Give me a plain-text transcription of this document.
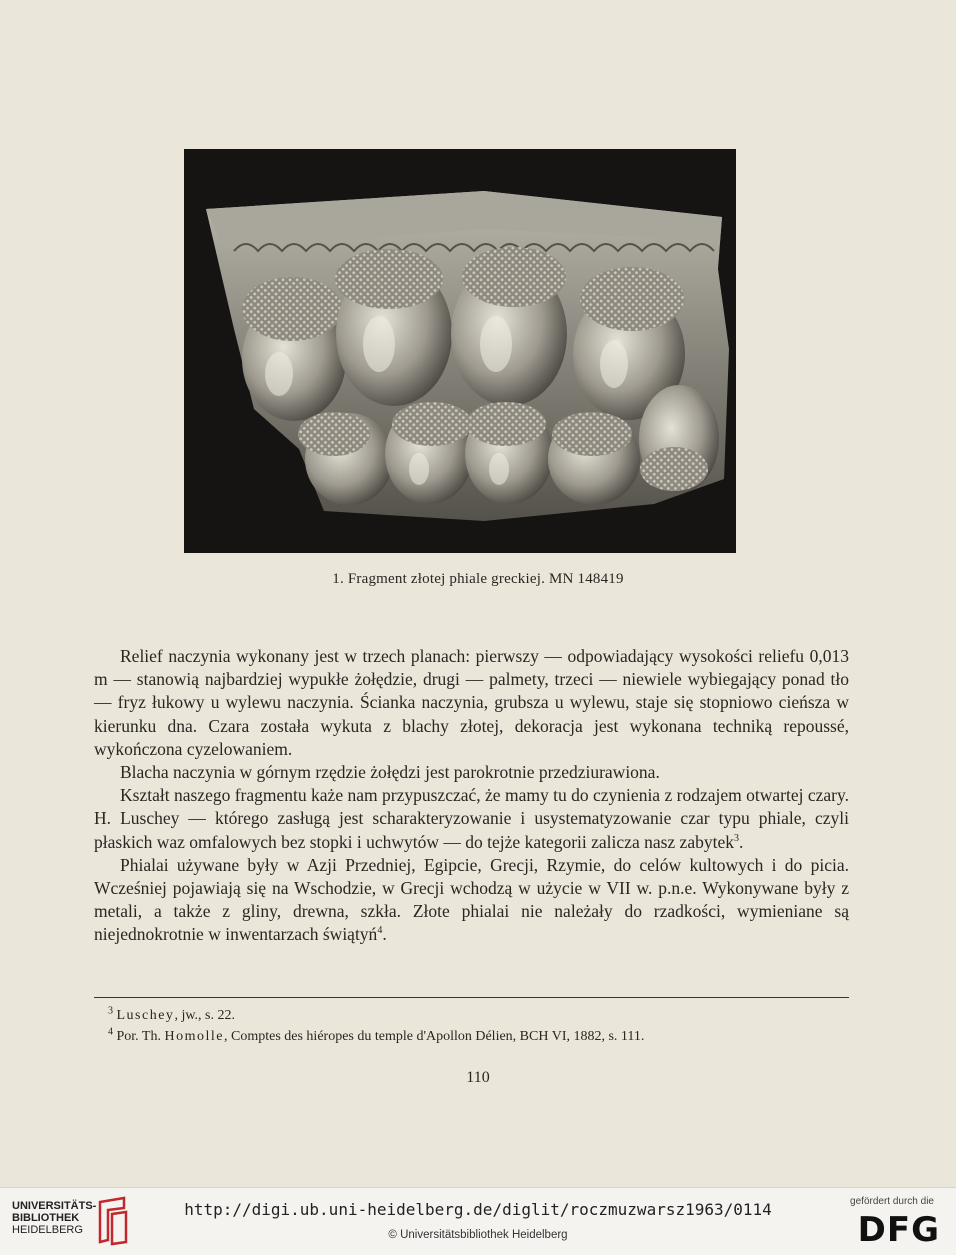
1. Fragment złotej phiale greckiej. MN 148419

Relief naczynia wykonany jest w trzech planach: pierwszy — odpowiadający wysokości reliefu 0,013 m — stanowią najbardziej wypukłe żołędzie, drugi — palmety, trzeci — niewiele wybiegający ponad tło — fryz łukowy u wylewu naczynia. Ścianka naczynia, grubsza u wylewu, staje się stopniowo cieńsza w kierunku dna. Czara została wykuta z blachy złotej, dekoracja jest wykonana techniką repoussé, wykończona cyzelowaniem.

Blacha naczynia w górnym rzędzie żołędzi jest parokrotnie przedziurawiona.

Kształt naszego fragmentu każe nam przypuszczać, że mamy tu do czynienia z rodzajem otwartej czary. H. Luschey — którego zasługą jest scharakteryzowanie i usystematyzowanie czar typu phiale, czyli płaskich waz omfalowych bez stopki i uchwytów — do tejże kategorii zalicza nasz zabytek$^3$.

Phialai używane były w Azji Przedniej, Egipcie, Grecji, Rzymie, do celów kultowych i do picia. Wcześniej pojawiają się na Wschodzie, w Grecji wchodzą w użycie w VII w. p.n.e. Wykonywane były z metali, a także z gliny, drewna, szkła. Złote phialai nie należały do rzadkości, wymieniane są niejednokrotnie w inwentarzach świątyń$^4$.

$^3$ Luschey, jw., s. 22.
$^4$ Por. Th. Homolle, Comptes des hiéropes du temple d'Apollon Délien, BCH VI, 1882, s. 111.
110
UNIVERSITÄTS-
BIBLIOTHEK
HEIDELBERG
http://digi.ub.uni-heidelberg.de/diglit/roczmuzwarsz1963/0114
© Universitätsbibliothek Heidelberg
gefördert durch die
DFG
